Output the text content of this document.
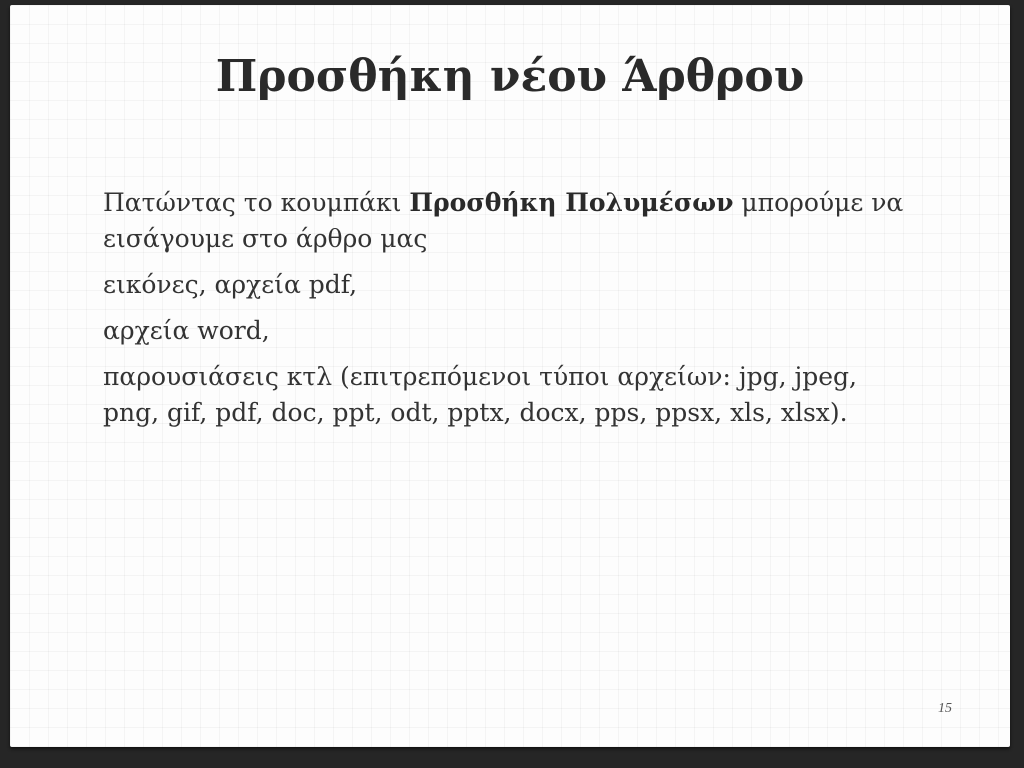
Προσθήκη νέου Άρθρου

Πατώντας το κουμπάκι Προσθήκη Πολυμέσων μπορούμε να εισάγουμε στο άρθρο μας

εικόνες, αρχεία pdf,

αρχεία word,

παρουσιάσεις κτλ (επιτρεπόμενοι τύποι αρχείων: jpg, jpeg, png, gif, pdf, doc, ppt, odt, pptx, docx, pps, ppsx, xls, xlsx).

15
